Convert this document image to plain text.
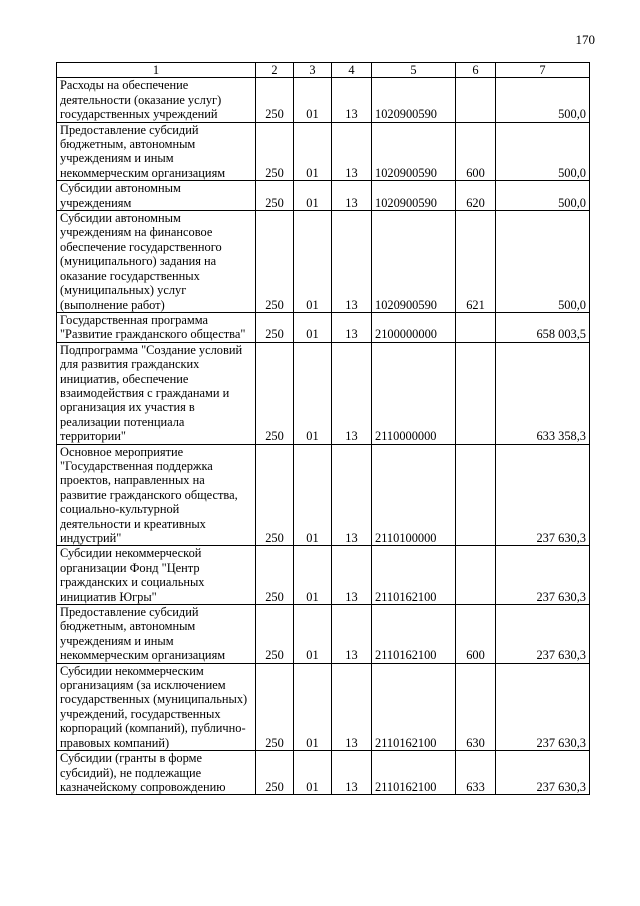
170
1	2	3	4	5	6	7
Расходы на обеспечение деятельности (оказание услуг) государственных учреждений	250	01	13	1020900590		500,0
Предоставление субсидий бюджетным, автономным учреждениям и иным некоммерческим организациям	250	01	13	1020900590	600	500,0
Субсидии автономным учреждениям	250	01	13	1020900590	620	500,0
Субсидии автономным учреждениям на финансовое обеспечение государственного (муниципального) задания на оказание государственных (муниципальных) услуг (выполнение работ)	250	01	13	1020900590	621	500,0
Государственная программа "Развитие гражданского общества"	250	01	13	2100000000		658 003,5
Подпрограмма "Создание условий для развития гражданских инициатив, обеспечение взаимодействия с гражданами и организация их участия в реализации потенциала территории"	250	01	13	2110000000		633 358,3
Основное мероприятие "Государственная поддержка проектов, направленных на развитие гражданского общества, социально-культурной деятельности и креативных индустрий"	250	01	13	2110100000		237 630,3
Субсидии некоммерческой организации Фонд "Центр гражданских и социальных инициатив Югры"	250	01	13	2110162100		237 630,3
Предоставление субсидий бюджетным, автономным учреждениям и иным некоммерческим организациям	250	01	13	2110162100	600	237 630,3
Субсидии некоммерческим организациям (за исключением государственных (муниципальных) учреждений, государственных корпораций (компаний), публично-правовых компаний)	250	01	13	2110162100	630	237 630,3
Субсидии (гранты в форме субсидий), не подлежащие казначейскому сопровождению	250	01	13	2110162100	633	237 630,3
